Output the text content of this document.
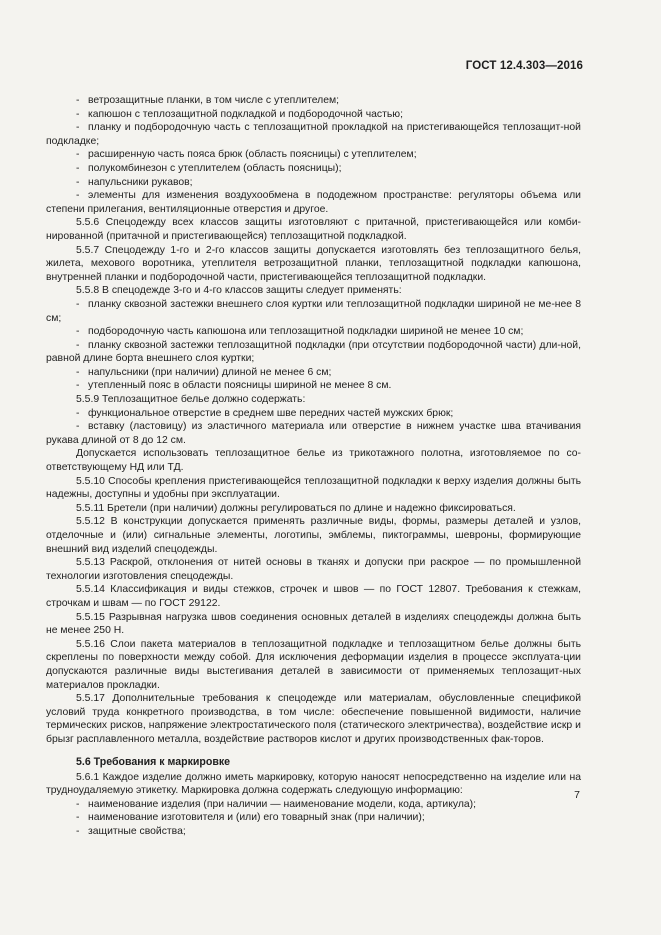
ГОСТ 12.4.303—2016

- ветрозащитные планки, в том числе с утеплителем;

- капюшон с теплозащитной подкладкой и подбородочной частью;

- планку и подбородочную часть с теплозащитной прокладкой на пристегивающейся теплозащит-ной подкладке;

- расширенную часть пояса брюк (область поясницы) с утеплителем;

- полукомбинезон с утеплителем (область поясницы);

- напульсники рукавов;

- элементы для изменения воздухообмена в пододежном пространстве: регуляторы объема или степени прилегания, вентиляционные отверстия и другое.

5.5.6 Спецодежду всех классов защиты изготовляют с притачной, пристегивающейся или комби-нированной (притачной и пристегивающейся) теплозащитной подкладкой.

5.5.7 Спецодежду 1-го и 2-го классов защиты допускается изготовлять без теплозащитного белья, жилета, мехового воротника, утеплителя ветрозащитной планки, теплозащитной подкладки капюшона, внутренней планки и подбородочной части, пристегивающейся теплозащитной подкладки.

5.5.8 В спецодежде 3-го и 4-го классов защиты следует применять:

- планку сквозной застежки внешнего слоя куртки или теплозащитной подкладки шириной не ме-нее 8 см;

- подбородочную часть капюшона или теплозащитной подкладки шириной не менее 10 см;

- планку сквозной застежки теплозащитной подкладки (при отсутствии подбородочной части) дли-ной, равной длине борта внешнего слоя куртки;

- напульсники (при наличии) длиной не менее 6 см;

- утепленный пояс в области поясницы шириной не менее 8 см.

5.5.9 Теплозащитное белье должно содержать:

- функциональное отверстие в среднем шве передних частей мужских брюк;

- вставку (ластовицу) из эластичного материала или отверстие в нижнем участке шва втачивания рукава длиной от 8 до 12 см.

Допускается использовать теплозащитное белье из трикотажного полотна, изготовляемое по со-ответствующему НД или ТД.

5.5.10 Способы крепления пристегивающейся теплозащитной подкладки к верху изделия должны быть надежны, доступны и удобны при эксплуатации.

5.5.11 Бретели (при наличии) должны регулироваться по длине и надежно фиксироваться.

5.5.12 В конструкции допускается применять различные виды, формы, размеры деталей и узлов, отделочные и (или) сигнальные элементы, логотипы, эмблемы, пиктограммы, шевроны, формирующие внешний вид изделий спецодежды.

5.5.13 Раскрой, отклонения от нитей основы в тканях и допуски при раскрое — по промышленной технологии изготовления спецодежды.

5.5.14 Классификация и виды стежков, строчек и швов — по ГОСТ 12807. Требования к стежкам, строчкам и швам — по ГОСТ 29122.

5.5.15 Разрывная нагрузка швов соединения основных деталей в изделиях спецодежды должна быть не менее 250 Н.

5.5.16 Слои пакета материалов в теплозащитной подкладке и теплозащитном белье должны быть скреплены по поверхности между собой. Для исключения деформации изделия в процессе эксплуата-ции допускаются различные виды выстегивания деталей в зависимости от применяемых теплозащит-ных материалов прокладки.

5.5.17 Дополнительные требования к спецодежде или материалам, обусловленные спецификой условий труда конкретного производства, в том числе: обеспечение повышенной видимости, наличие термических рисков, напряжение электростатического поля (статического электричества), воздействие искр и брызг расплавленного металла, воздействие растворов кислот и других производственных фак-торов.

5.6 Требования к маркировке

5.6.1 Каждое изделие должно иметь маркировку, которую наносят непосредственно на изделие или на трудноудаляемую этикетку. Маркировка должна содержать следующую информацию:

- наименование изделия (при наличии — наименование модели, кода, артикула);

- наименование изготовителя и (или) его товарный знак (при наличии);

- защитные свойства;

7
